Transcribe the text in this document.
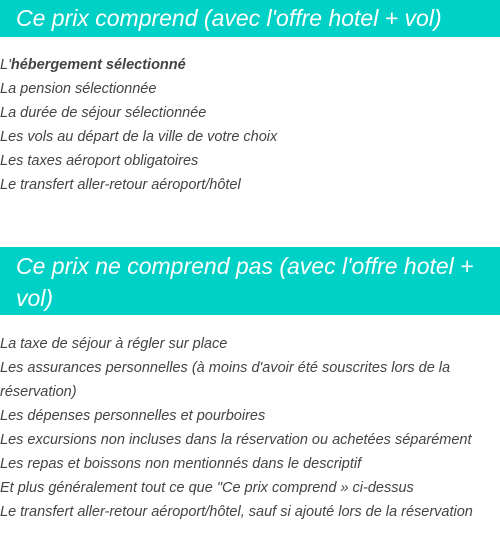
Ce prix comprend (avec l'offre hotel + vol)
L'hébergement sélectionné
La pension sélectionnée
La durée de séjour sélectionnée
Les vols au départ de la ville de votre choix
Les taxes aéroport obligatoires
Le transfert aller-retour aéroport/hôtel
Ce prix ne comprend pas (avec l'offre hotel + vol)
La taxe de séjour à régler sur place
Les assurances personnelles (à moins d'avoir été souscrites lors de la réservation)
Les dépenses personnelles et pourboires
Les excursions non incluses dans la réservation ou achetées séparément
Les repas et boissons non mentionnés dans le descriptif
Et plus généralement tout ce que "Ce prix comprend » ci-dessus
Le transfert aller-retour aéroport/hôtel, sauf si ajouté lors de la réservation
